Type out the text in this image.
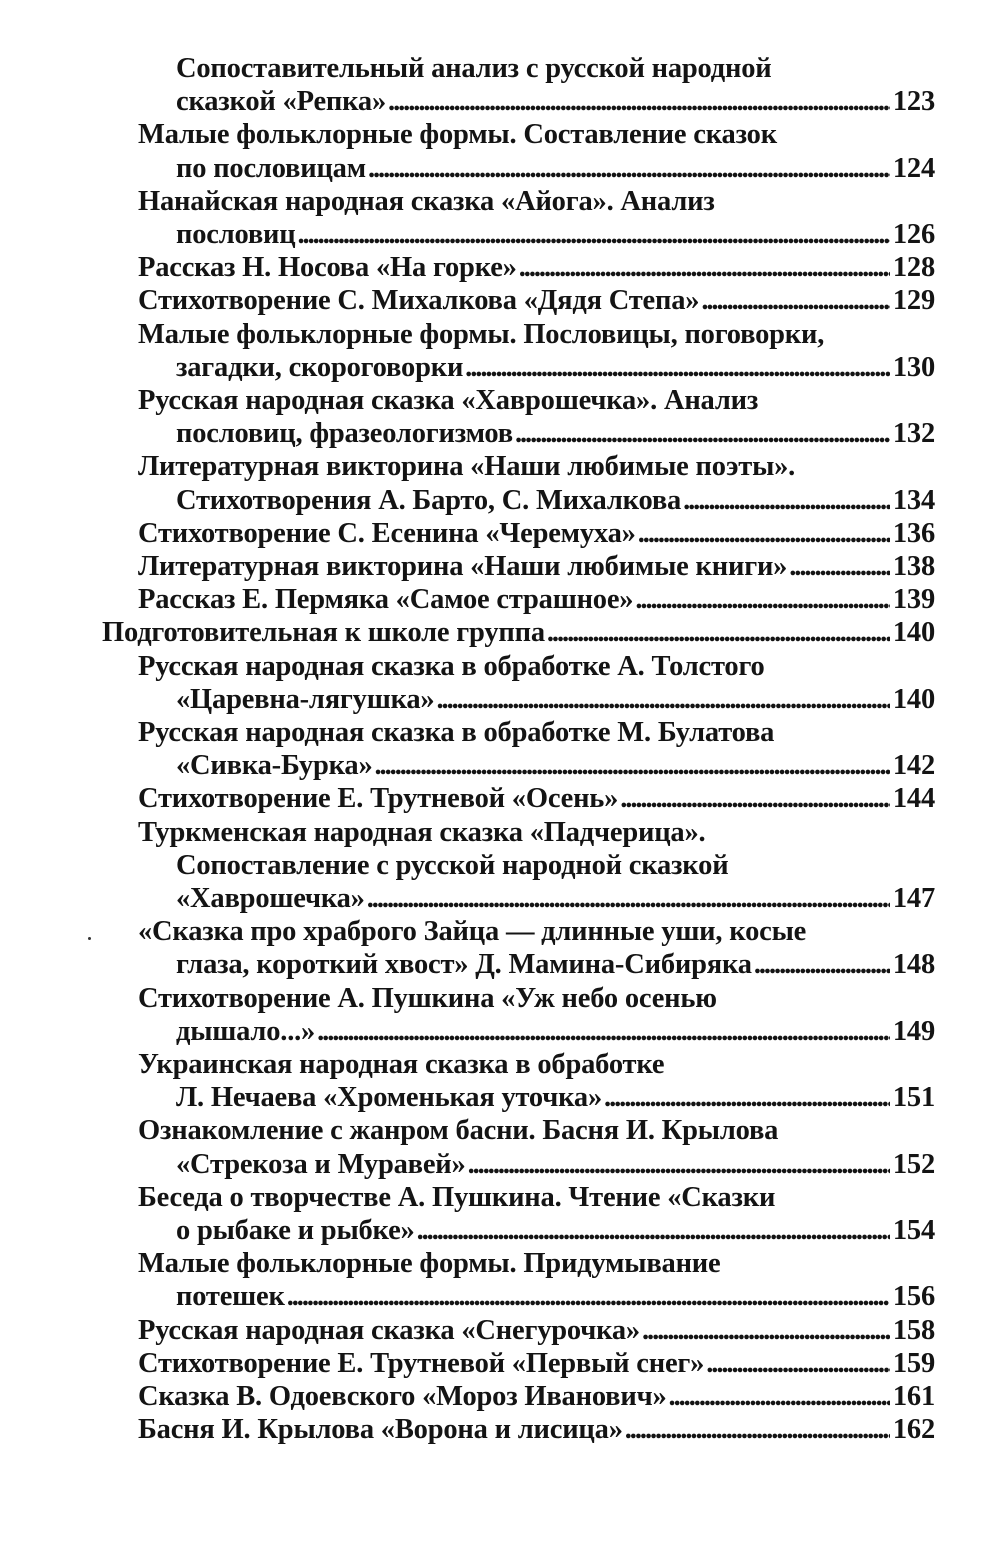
Сопоставительный анализ с русской народной
сказкой «Репка» . . .	123
Малые фольклорные формы. Составление сказок
по пословицам . . .	124
Нанайская народная сказка «Айога». Анализ
пословиц . . .	126
Рассказ Н. Носова «На горке» . . .	128
Стихотворение С. Михалкова «Дядя Степа» . . .	129
Малые фольклорные формы. Пословицы, поговорки,
загадки, скороговорки . . .	130
Русская народная сказка «Хаврошечка». Анализ
пословиц, фразеологизмов . . .	132
Литературная викторина «Наши любимые поэты».
Стихотворения А. Барто, С. Михалкова . . .	134
Стихотворение С. Есенина «Черемуха» . . .	136
Литературная викторина «Наши любимые книги» . . .	138
Рассказ Е. Пермяка «Самое страшное» . . .	139
Подготовительная к школе группа . . .	140
Русская народная сказка в обработке А. Толстого
«Царевна-лягушка» . . .	140
Русская народная сказка в обработке М. Булатова
«Сивка-Бурка» . . .	142
Стихотворение Е. Трутневой «Осень» . . .	144
Туркменская народная сказка «Падчерица».
Сопоставление с русской народной сказкой
«Хаврошечка» . . .	147
«Сказка про храброго Зайца — длинные уши, косые
глаза, короткий хвост» Д. Мамина-Сибиряка . . .	148
Стихотворение А. Пушкина «Уж небо осенью
дышало...» . . .	149
Украинская народная сказка в обработке
Л. Нечаева «Хроменькая уточка» . . .	151
Ознакомление с жанром басни. Басня И. Крылова
«Стрекоза и Муравей» . . .	152
Беседа о творчестве А. Пушкина. Чтение «Сказки
о рыбаке и рыбке» . . .	154
Малые фольклорные формы. Придумывание
потешек . . .	156
Русская народная сказка «Снегурочка» . . .	158
Стихотворение Е. Трутневой «Первый снег» . . .	159
Сказка В. Одоевского «Мороз Иванович» . . .	161
Басня И. Крылова «Ворона и лисица» . . .	162
